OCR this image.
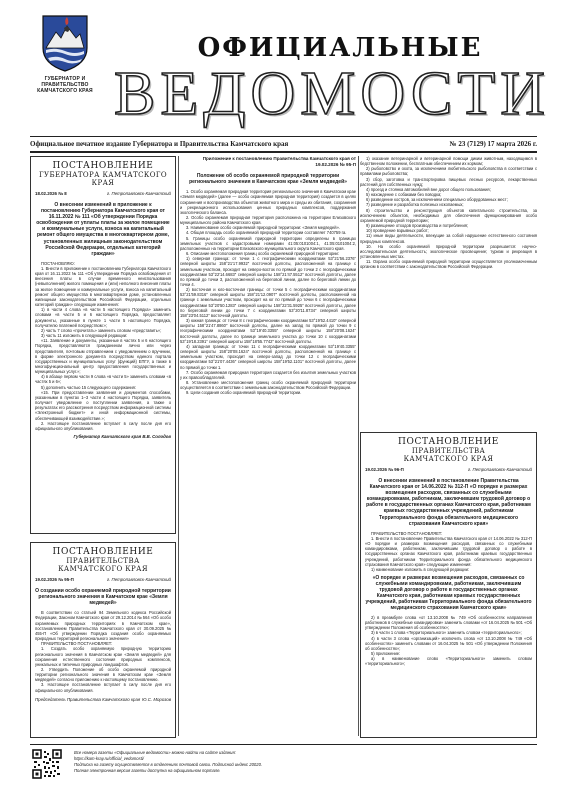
ГУБЕРНАТОР И ПРАВИТЕЛЬСТВО
КАМЧАТСКОГО КРАЯ
ОФИЦИАЛЬНЫЕ
ВЕДОМОСТИ
Официальное печатное издание Губернатора и Правительства Камчатского края	№ 23 (7129) 17 марта 2026 г.
ПОСТАНОВЛЕНИЕ
ГУБЕРНАТОРА КАМЧАТСКОГО КРАЯ
18.02.2026 № 8	г. Петропавловск-Камчатский
О внесении изменений в приложение к постановлению Губернатора Камчатского края от 16.11.2022 № 111 «Об утверждении Порядка освобождения от уплаты платы за жилое помещение и коммунальные услуги, взноса на капитальный ремонт общего имущества в многоквартирном доме, установленных жилищным законодательством Российской Федерации, отдельных категорий граждан»

ПОСТАНОВЛЯЮ:

1. Внести в приложение к постановлению Губернатора Камчатского края от 16.11.2022 № 111 «Об утверждении Порядка освобождения от внесения платы в случае временного неиспользования (невыполнения) жилого помещения и (или) неполного внесения платы за жилое помещение и коммунальные услуги, взноса на капитальный ремонт общего имущества в многоквартирном доме, установленных жилищным законодательством Российской Федерации, отдельных категорий граждан» следующие изменения:

1) в части 4 слова «в части 5 настоящего Порядка» заменить словами «в части 5 и 6 настоящего Порядка, предоставляет документы, указанные в пункте 1 части 5 настоящего Порядка, получателю платежей посредством:»;

2) часть 7 слово «прочитать» заменить словом «представить»;

3) часть 11 изложить в следующей редакции:

«11. Заявление и документы, указанные в частях 5 и 6 настоящего Порядка, представляются гражданином лично или через представителя, почтовым отправлением с уведомлением о вручении, в форме электронного документа посредством единого портала государственных и муниципальных услуг (функций) ЕПГУ, а также в многофункциональный центр предоставления государственных и муниципальных услуг.»;

4) в абзаце первом части 9 слова «в части 5» заменить словами «в частях 5 и 6»;

5) дополнить частью 15 следующего содержания:

«15. При предоставлении заявления и документов способами, указанными в пунктах 1–3 части 4 настоящего Порядка, заявитель получает уведомление о поступлении заявления, а также о результатах его рассмотрения посредством информационной системы «Электронный бюджет» и иной информационной системы, обеспечивающей взаимодействие.»;

2. Настоящее постановление вступает в силу после дня его официального опубликования.

Губернатор Камчатского края В.В. Солодов
ПОСТАНОВЛЕНИЕ
ПРАВИТЕЛЬСТВА
КАМЧАТСКОГО КРАЯ
19.02.2026 № 95-П	г. Петропавловск-Камчатский
О создании особо охраняемой природной территории регионального значения в Камчатском крае «Земля медведей»

В соответствии со статьей 94 Земельного кодекса Российской Федерации, Законом Камчатского края от 29.12.2014 № 564 «Об особо охраняемых природных территориях в Камчатском крае», постановлением Правительства Камчатского края от 30.09.2025 № 455-П «Об утверждении Порядка создания особо охраняемых природных территорий регионального значения»

ПРАВИТЕЛЬСТВО ПОСТАНОВЛЯЕТ:

1. Создать особо охраняемую природную территорию регионального значения в Камчатском крае «Земля медведей» для сохранения естественного состояния природных комплексов, уникальных и типичных природных ландшафтов.

2. Утвердить Положение об особо охраняемой природной территории регионального значения в Камчатском крае «Земля медведей» согласно приложению к настоящему постановлению.

3. Настоящее постановление вступает в силу после дня его официального опубликования.

Председатель Правительства Камчатского края Ю.С. Морозов
Приложение к постановлению Правительства Камчатского края от 19.02.2026 № 95-П
Положение об особо охраняемой природной территории регионального значения в Камчатском крае «Земля медведей»

1. Особо охраняемая природная территория регионального значения в Камчатском крае «Земля медведей» (далее — особо охраняемая природная территория) создается в целях сохранения и воспроизводства объектов животного мира и среды их обитания, сохранения и рекреационного использования ценных природных комплексов, поддержания экологического баланса.

2. Особо охраняемая природная территория расположена на территории Елизовского муниципального района Камчатского края.

3. Наименование особо охраняемой природной территории: «Земля медведей».

4. Общая площадь особо охраняемой природной территории составляет 740759 га.

5. Границы особо охраняемой природной территории определены в границах земельных участков с кадастровыми номерами 41:05:0101004:1, 41:05:0101004:2, расположенных на территории Елизовского муниципального округа Камчатского края.

6. Описание местоположения границ особо охраняемой природной территории:

1) северная граница: от точки 1 с географическими координатами 53°21′56.2376″ северной широты 158°21′17.9932″ восточной долготы, расположенной на границе с земельным участком, проходит на северо-восток по прямой до точки 2 с географическими координатами 53°22′14.6683″ северной широты 158°21′47.5512″ восточной долготы, далее по прямой до точки 3, расположенной на береговой линии, далее по береговой линии до точки 4.

2) восточная и юго-восточная границы: от точки 5 с географическими координатами 53°21′59.8316″ северной широты 158°21′12.0907″ восточной долготы, расположенной на границе с земельным участком, проходит на юг по прямой до точки 6 с географическими координатами 53°20′50.1283″ северной широты 158°22′31.5925″ восточной долготы, далее по береговой линии до точки 7 с координатами 53°20′11.8734″ северной широты 158°23′04.5112″ восточной долготы.

3) южная граница: от точки 8 с географическими координатами 53°19′52.4410″ северной широты 158°21′47.8860″ восточной долготы, далее на запад по прямой до точки 9 с географическими координатами 53°19′40.3355″ северной широты 158°20′08.1624″ восточной долготы, далее по границе земельного участка до точки 10 с координатами 53°19′18.2391″ северной широты 158°18′55.7742″ восточной долготы.

4) западная граница: от точки 11 с географическими координатами 53°19′40.3355″ северной широты 158°20′08.1624″ восточной долготы, расположенной на границе с земельным участком, проходит на северо-запад до точки 12 с географическими координатами 53°21′07.4436″ северной широты 158°19′52.1101″ восточной долготы, далее по прямой до точки 1.

7. Особо охраняемая природная территория создается без изъятия земельных участков у их правообладателей.

8. Установление местоположения границ особо охраняемой природной территории осуществляется в соответствии с земельным законодательством Российской Федерации.

9. Цели создания особо охраняемой природной территории.

1) оказание ветеринарной и ветеринарной помощи диким животным, находящимся в бедственном положении, бесплатным обеспечением их кормом;

2) рыболовство и охота, за исключением любительского рыболовства в соответствии с правилами рыболовства;

3) сбор, заготовка и транспортировка пищевых лесных ресурсов, лекарственных растений для собственных нужд;

4) проезд и стоянка автомобилей вне дорог общего пользования;

5) нахождение с собаками без поводка;

6) разведение костров, за исключением специально оборудованных мест;

7) разведение и разработка полезных ископаемых;

8) строительство и реконструкция объектов капитального строительства, за исключением объектов, необходимых для обеспечения функционирования особо охраняемой природной территории;

9) размещение отходов производства и потребления;

10) проведение взрывных работ;

11) иные виды деятельности, влекущие за собой нарушение естественного состояния природных комплексов.

10. На особо охраняемой природной территории разрешается: научно-исследовательская деятельность; экологическое просвещение; туризм и рекреация в установленных местах.

11. Охрана особо охраняемой природной территории осуществляется уполномоченным органом в соответствии с законодательством Российской Федерации.

ПОСТАНОВЛЕНИЕ
ПРАВИТЕЛЬСТВА
КАМЧАТСКОГО КРАЯ
19.02.2026 № 96-П	г. Петропавловск-Камчатский
О внесении изменений в постановление Правительства Камчатского края от 14.06.2022 № 312-П «О порядке и размерах возмещения расходов, связанных со служебными командировками, работникам, заключившим трудовой договор о работе в государственных органах Камчатского края, работникам краевых государственных учреждений, работникам Территориального фонда обязательного медицинского страхования Камчатского края»

ПРАВИТЕЛЬСТВО ПОСТАНОВЛЯЕТ:

1. Внести в постановление Правительства Камчатского края от 14.06.2022 № 312-П «О порядке и размерах возмещения расходов, связанных со служебными командировками, работникам, заключившим трудовой договор о работе в государственных органах Камчатского края, работникам краевых государственных учреждений, работникам Территориального фонда обязательного медицинского страхования Камчатского края» следующие изменения:

1) наименование изложить в следующей редакции:

«О порядке и размерах возмещения расходов, связанных со служебными командировками, работникам, заключившим трудовой договор о работе в государственных органах Камчатского края, работникам краевых государственных учреждений, работникам Территориального фонда обязательного медицинского страхования Камчатского края»

2) в преамбуле слова «от 13.10.2008 № 749 «Об особенностях направления работников в служебные командировки» заменить словами «от 16.04.2025 № 501 «Об утверждении Положения об особенностях»;

3) в части 1 слова «Территориального» заменить словом «территориального»;

4) в части 3 слова «организаций» исключить слова «от 13.10.2008 № 749 «Об особенностях» заменить словами от 16.04.2025 № 501 «Об утверждении Положения об особенностях»;

5) приложение:

а) в наименование слово «Территориального» заменить словом «территориального»;

Все номера газеты «Официальные ведомости» можно найти на сайте издания:
https://kam-kray.ru/official_vedomosti/
Подписка на газету осуществляется в отделениях почтовой связи. Подписной индекс 20020.
Полная электронная версия газеты доступна на официальном портале.
